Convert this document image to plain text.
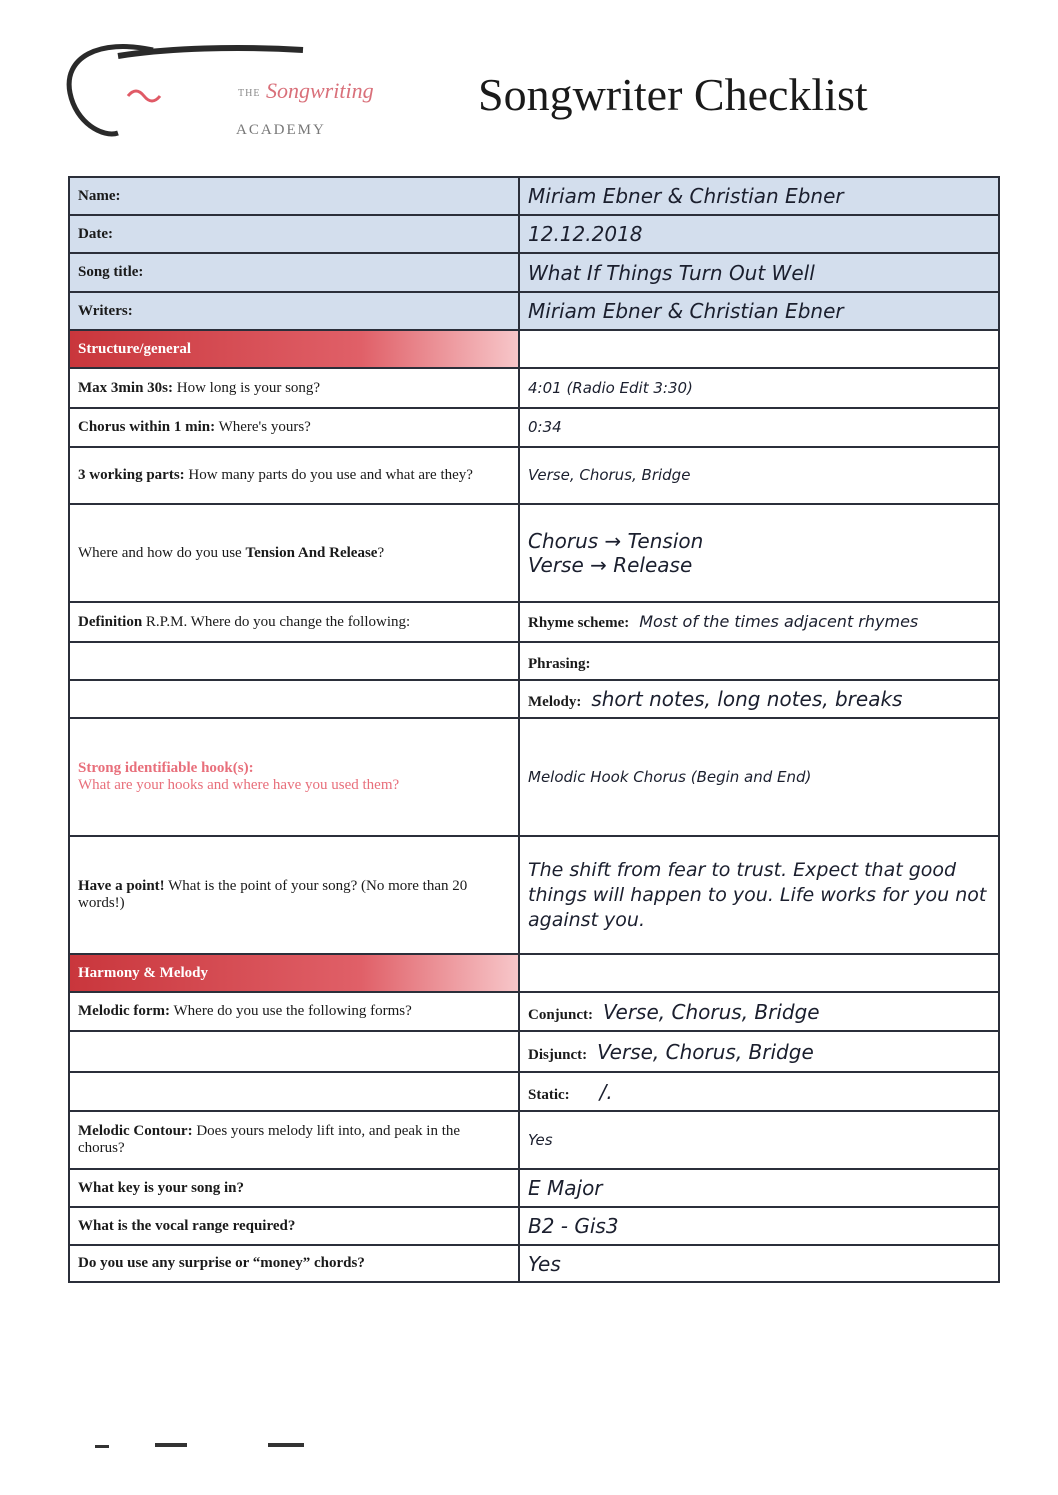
THE Songwriting
ACADEMY
Songwriter Checklist
Name:	Miriam Ebner & Christian Ebner
Date:	12.12.2018
Song title:	What If Things Turn Out Well
Writers:	Miriam Ebner & Christian Ebner
Structure/general	
Max 3min 30s: How long is your song?	4:01 (Radio Edit 3:30)
Chorus within 1 min: Where's yours?	0:34
3 working parts: How many parts do you use and what are they?	Verse, Chorus, Bridge
Where and how do you use Tension And Release?	Chorus → Tension
Verse → Release

Definition R.P.M. Where do you change the following:	Rhyme scheme: Most of the times adjacent rhymes
	Phrasing:
	Melody: short notes, long notes, breaks
Strong identifiable hook(s):
What are your hooks and where have you used them?	Melodic Hook Chorus (Begin and End)
Have a point! What is the point of your song? (No more than 20 words!)	The shift from fear to trust. Expect that good things will happen to you. Life works for you not against you.
Harmony & Melody	
Melodic form: Where do you use the following forms?	Conjunct: Verse, Chorus, Bridge
	Disjunct: Verse, Chorus, Bridge
	Static: /.
Melodic Contour: Does yours melody lift into, and peak in the chorus?	Yes
What key is your song in?	E Major
What is the vocal range required?	B2 - Gis3
Do you use any surprise or “money” chords?	Yes
